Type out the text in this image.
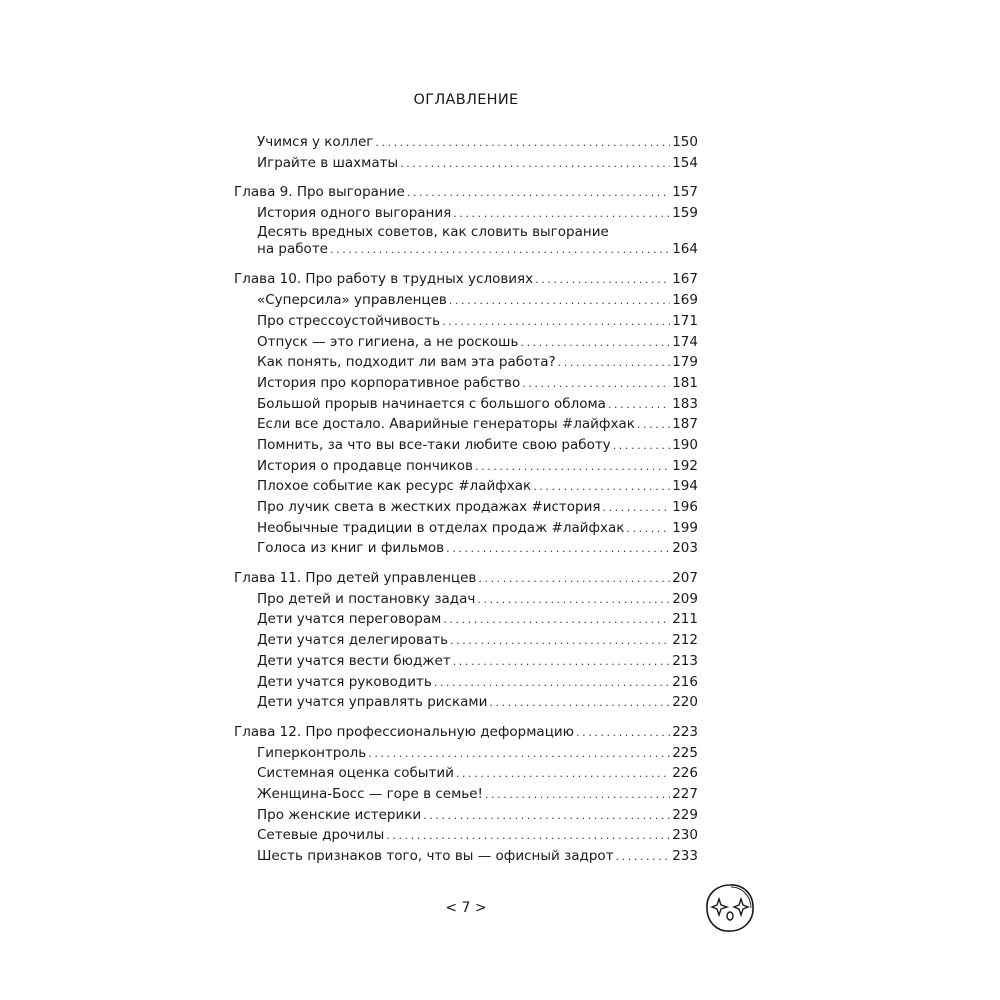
ОГЛАВЛЕНИЕ
Учимся у коллег .....	150
Играйте в шахматы .....	154
Глава 9. Про выгорание .....	157
История одного выгорания .....	159
Десять вредных советов, как словить выгорание
на работе .....	164
Глава 10. Про работу в трудных условиях .....	167
«Суперсила» управленцев .....	169
Про стрессоустойчивость .....	171
Отпуск — это гигиена, а не роскошь .....	174
Как понять, подходит ли вам эта работа? .....	179
История про корпоративное рабство .....	181
Большой прорыв начинается с большого облома .....	183
Если все достало. Аварийные генераторы #лайфхак .....	187
Помнить, за что вы все-таки любите свою работу .....	190
История о продавце пончиков .....	192
Плохое событие как ресурс #лайфхак .....	194
Про лучик света в жестких продажах #история .....	196
Необычные традиции в отделах продаж #лайфхак .....	199
Голоса из книг и фильмов .....	203
Глава 11. Про детей управленцев .....	207
Про детей и постановку задач .....	209
Дети учатся переговорам .....	211
Дети учатся делегировать .....	212
Дети учатся вести бюджет .....	213
Дети учатся руководить .....	216
Дети учатся управлять рисками .....	220
Глава 12. Про профессиональную деформацию .....	223
Гиперконтроль .....	225
Системная оценка событий .....	226
Женщина-Босс — горе в семье! .....	227
Про женские истерики .....	229
Сетевые дрочилы .....	230
Шесть признаков того, что вы — офисный задрот .....	233
< 7 >
